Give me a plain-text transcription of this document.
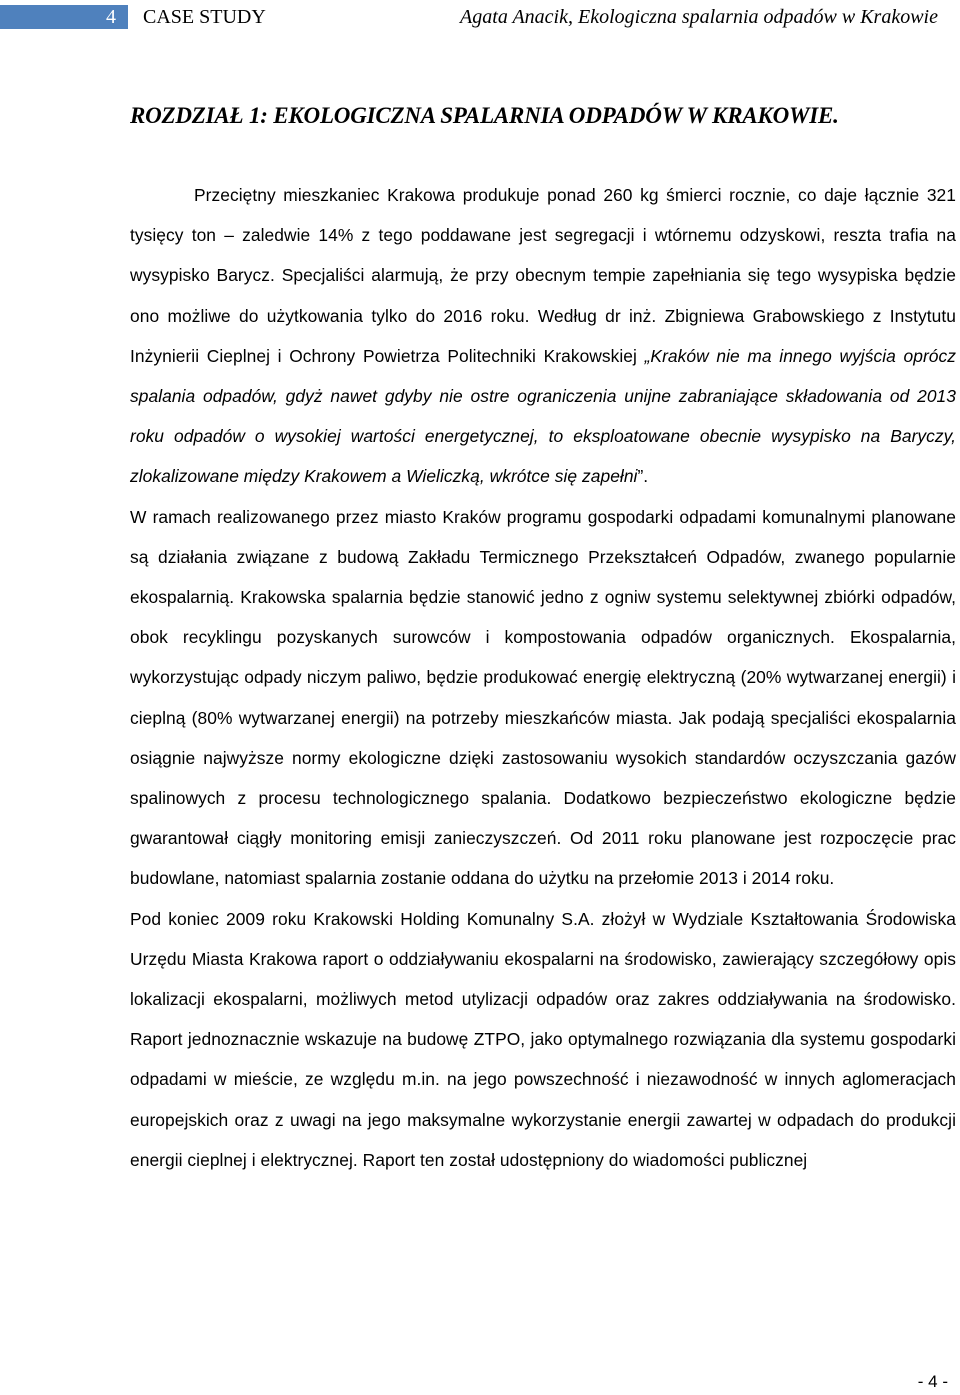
4 CASE STUDY	Agata Anacik, Ekologiczna spalarnia odpadów w Krakowie
ROZDZIAŁ 1: EKOLOGICZNA SPALARNIA ODPADÓW W KRAKOWIE.

Przeciętny mieszkaniec Krakowa produkuje ponad 260 kg śmierci rocznie, co daje łącznie 321 tysięcy ton – zaledwie 14% z tego poddawane jest segregacji i wtórnemu odzyskowi, reszta trafia na wysypisko Barycz. Specjaliści alarmują, że przy obecnym tempie zapełniania się tego wysypiska będzie ono możliwe do użytkowania tylko do 2016 roku. Według dr inż. Zbigniewa Grabowskiego z Instytutu Inżynierii Cieplnej i Ochrony Powietrza Politechniki Krakowskiej „Kraków nie ma innego wyjścia oprócz spalania odpadów, gdyż nawet gdyby nie ostre ograniczenia unijne zabraniające składowania od 2013 roku odpadów o wysokiej wartości energetycznej, to eksploatowane obecnie wysypisko na Baryczy, zlokalizowane między Krakowem a Wieliczką, wkrótce się zapełni”.

W ramach realizowanego przez miasto Kraków programu gospodarki odpadami komunalnymi planowane są działania związane z budową Zakładu Termicznego Przekształceń Odpadów, zwanego popularnie ekospalarnią. Krakowska spalarnia będzie stanowić jedno z ogniw systemu selektywnej zbiórki odpadów, obok recyklingu pozyskanych surowców i kompostowania odpadów organicznych. Ekospalarnia, wykorzystując odpady niczym paliwo, będzie produkować energię elektryczną (20% wytwarzanej energii) i cieplną (80% wytwarzanej energii) na potrzeby mieszkańców miasta. Jak podają specjaliści ekospalarnia osiągnie najwyższe normy ekologiczne dzięki zastosowaniu wysokich standardów oczyszczania gazów spalinowych z procesu technologicznego spalania. Dodatkowo bezpieczeństwo ekologiczne będzie gwarantował ciągły monitoring emisji zanieczyszczeń. Od 2011 roku planowane jest rozpoczęcie prac budowlane, natomiast spalarnia zostanie oddana do użytku na przełomie 2013 i 2014 roku.

Pod koniec 2009 roku Krakowski Holding Komunalny S.A. złożył w Wydziale Kształtowania Środowiska Urzędu Miasta Krakowa raport o oddziaływaniu ekospalarni na środowisko, zawierający szczegółowy opis lokalizacji ekospalarni, możliwych metod utylizacji odpadów oraz zakres oddziaływania na środowisko. Raport jednoznacznie wskazuje na budowę ZTPO, jako optymalnego rozwiązania dla systemu gospodarki odpadami w mieście, ze względu m.in. na jego powszechność i niezawodność w innych aglomeracjach europejskich oraz z uwagi na jego maksymalne wykorzystanie energii zawartej w odpadach do produkcji energii cieplnej i elektrycznej. Raport ten został udostępniony do wiadomości publicznej

- 4 -
